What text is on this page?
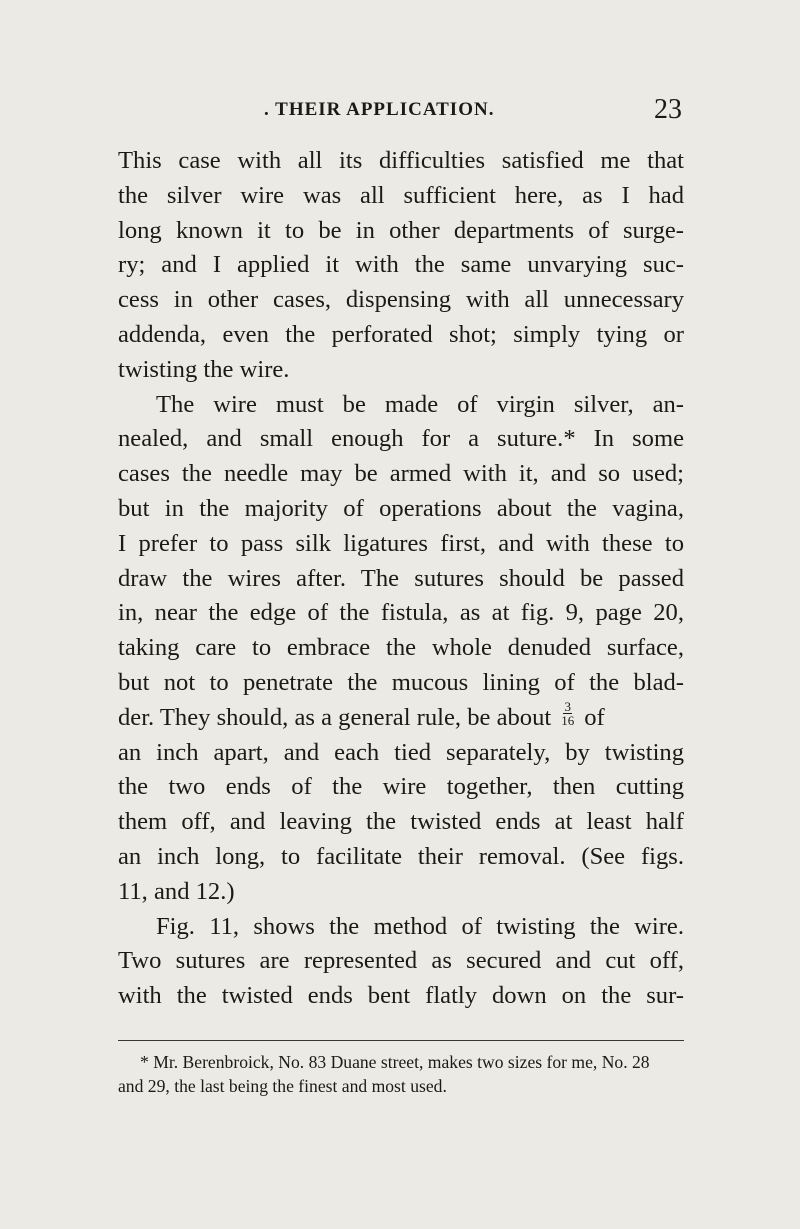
. THEIR APPLICATION.	23
This case with all its difficulties satisfied me that
the silver wire was all sufficient here, as I had
long known it to be in other departments of surge-
ry; and I applied it with the same unvarying suc-
cess in other cases, dispensing with all unnecessary
addenda, even the perforated shot; simply tying or
twisting the wire.
The wire must be made of virgin silver, an-
nealed, and small enough for a suture.* In some
cases the needle may be armed with it, and so used;
but in the majority of operations about the vagina,
I prefer to pass silk ligatures first, and with these to
draw the wires after. The sutures should be passed
in, near the edge of the fistula, as at fig. 9, page 20,
taking care to embrace the whole denuded surface,
but not to penetrate the mucous lining of the blad-
der. They should, as a general rule, be about $\frac{3}{16}$ of
an inch apart, and each tied separately, by twisting
the two ends of the wire together, then cutting
them off, and leaving the twisted ends at least half
an inch long, to facilitate their removal. (See figs.
11, and 12.)
Fig. 11, shows the method of twisting the wire.
Two sutures are represented as secured and cut off,
with the twisted ends bent flatly down on the sur-
* Mr. Berenbroick, No. 83 Duane street, makes two sizes for me, No. 28
and 29, the last being the finest and most used.
